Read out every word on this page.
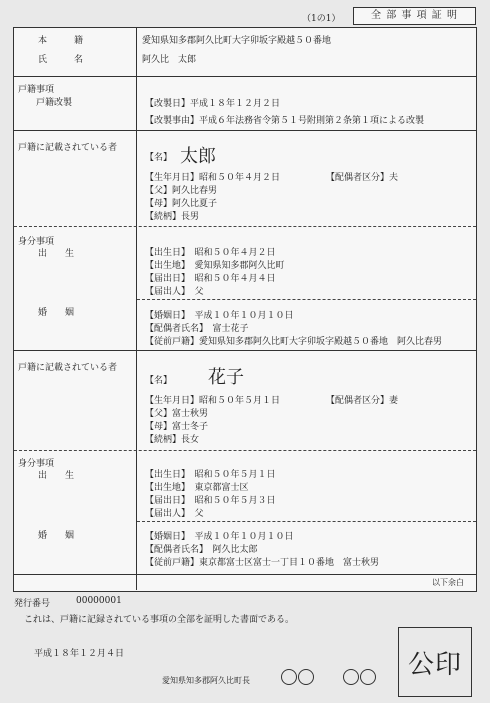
（1の1）	全 部 事 項 証 明
本　　　籍	愛知県知多郡阿久比町大字卯坂字殿越５０番地
氏　　　名	阿久比　太郎
戸籍事項
戸籍改製	【改製日】平成１８年１２月２日
【改製事由】平成６年法務省令第５１号附則第２条第１項による改製
戸籍に記載されている者
【名】 太郎
【生年月日】昭和５０年４月２日	【配偶者区分】夫
【父】阿久比春男
【母】阿久比夏子
【続柄】長男
身分事項
出　　生	【出生日】　昭和５０年４月２日
【出生地】　愛知県知多郡阿久比町
【届出日】　昭和５０年４月４日
【届出人】　父
婚　　姻	【婚姻日】　平成１０年１０月１０日
【配偶者氏名】　富士花子
【従前戸籍】愛知県知多郡阿久比町大字卯坂字殿越５０番地　阿久比春男
戸籍に記載されている者
【名】 花子
【生年月日】昭和５０年５月１日	【配偶者区分】妻
【父】富士秋男
【母】富士冬子
【続柄】長女
身分事項
出　　生	【出生日】　昭和５０年５月１日
【出生地】　東京都富士区
【届出日】　昭和５０年５月３日
【届出人】　父
婚　　姻	【婚姻日】　平成１０年１０月１０日
【配偶者氏名】　阿久比太郎
【従前戸籍】東京都富士区富士一丁目１０番地　富士秋男
以下余白
発行番号	00000001
これは、戸籍に記録されている事項の全部を証明した書面である。
平成１８年１２月４日
愛知県知多郡阿久比町長
公印
